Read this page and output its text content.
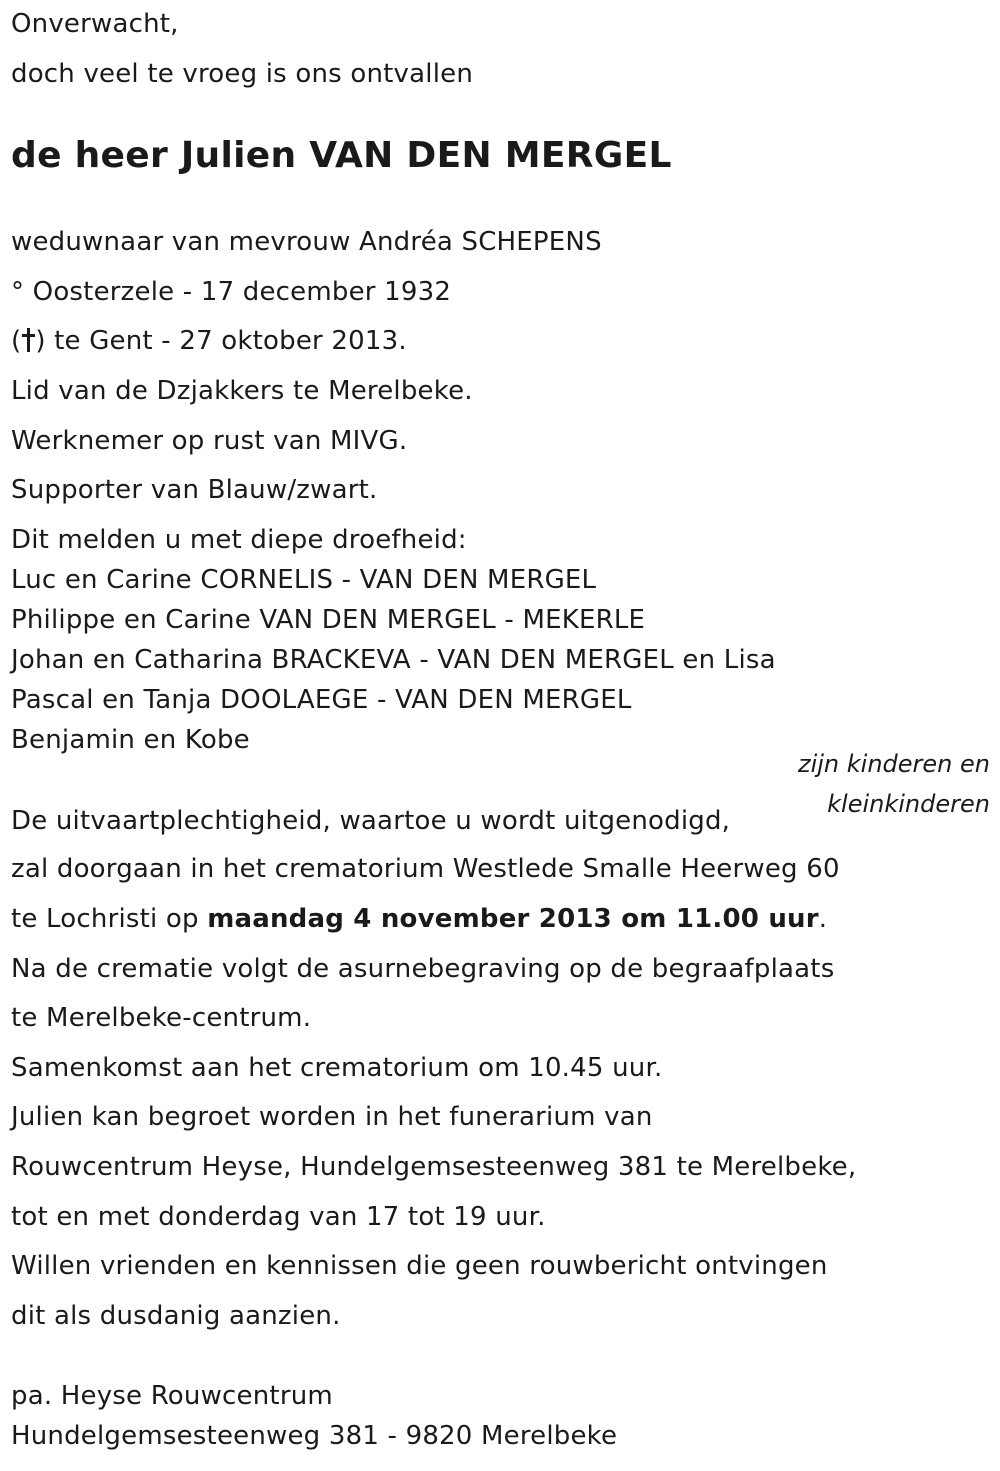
Onverwacht,
doch veel te vroeg is ons ontvallen
de heer Julien VAN DEN MERGEL
weduwnaar van mevrouw Andréa SCHEPENS
° Oosterzele - 17 december 1932
( ) te Gent - 27 oktober 2013.
Lid van de Dzjakkers te Merelbeke.
Werknemer op rust van MIVG.
Supporter van Blauw/zwart.
Dit melden u met diepe droefheid:
Luc en Carine CORNELIS - VAN DEN MERGEL
Philippe en Carine VAN DEN MERGEL - MEKERLE
Johan en Catharina BRACKEVA - VAN DEN MERGEL en Lisa
Pascal en Tanja DOOLAEGE - VAN DEN MERGEL
Benjamin en Kobe
zijn kinderen en
kleinkinderen
De uitvaartplechtigheid, waartoe u wordt uitgenodigd,
zal doorgaan in het crematorium Westlede Smalle Heerweg 60
te Lochristi op maandag 4 november 2013 om 11.00 uur.
Na de crematie volgt de asurnebegraving op de begraafplaats
te Merelbeke-centrum.
Samenkomst aan het crematorium om 10.45 uur.
Julien kan begroet worden in het funerarium van
Rouwcentrum Heyse, Hundelgemsesteenweg 381 te Merelbeke,
tot en met donderdag van 17 tot 19 uur.
Willen vrienden en kennissen die geen rouwbericht ontvingen
dit als dusdanig aanzien.
pa. Heyse Rouwcentrum
Hundelgemsesteenweg 381 - 9820 Merelbeke
